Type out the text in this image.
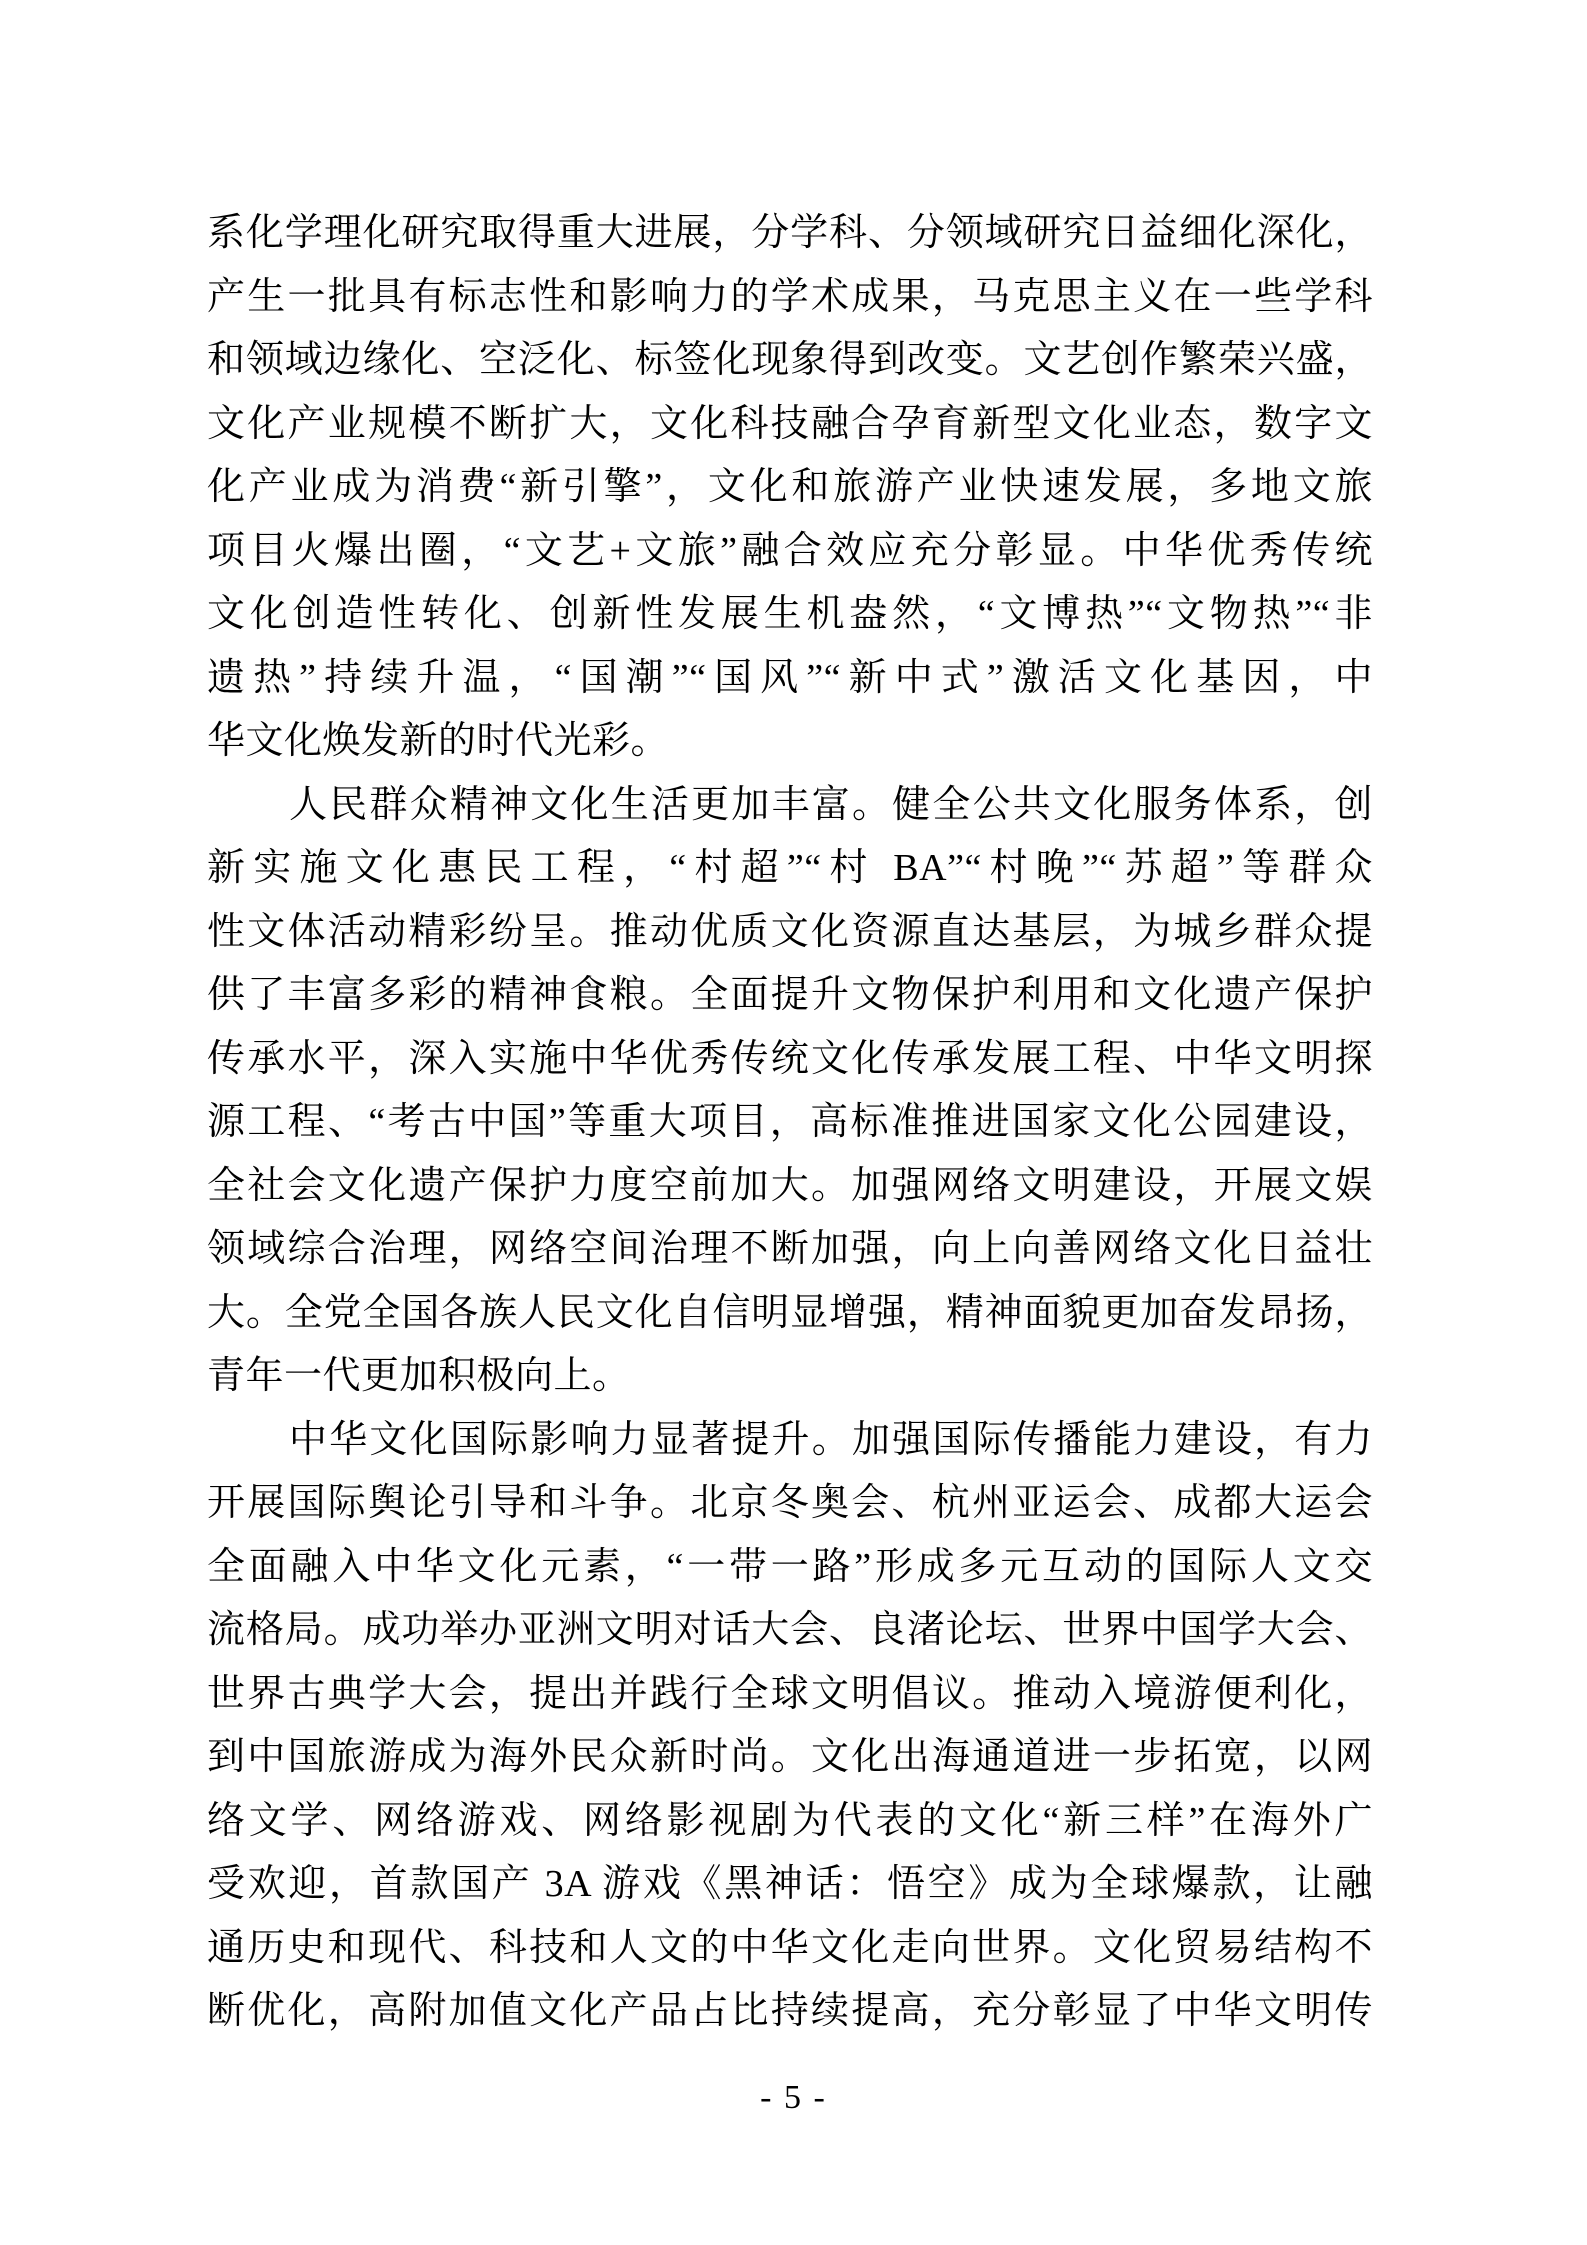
系化学理化研究取得重大进展，分学科、分领域研究日益细化深化，
产生一批具有标志性和影响力的学术成果，马克思主义在一些学科
和领域边缘化、空泛化、标签化现象得到改变。文艺创作繁荣兴盛，
文化产业规模不断扩大，文化科技融合孕育新型文化业态，数字文
化产业成为消费“新引擎”，文化和旅游产业快速发展，多地文旅
项目火爆出圈，“文艺+文旅”融合效应充分彰显。中华优秀传统
文化创造性转化、创新性发展生机盎然，“文博热”“文物热”“非
遗热”持续升温，“国潮”“国风”“新中式”激活文化基因，中
华文化焕发新的时代光彩。
人民群众精神文化生活更加丰富。健全公共文化服务体系，创
新实施文化惠民工程，“村超”“村 BA”“村晚”“苏超”等群众
性文体活动精彩纷呈。推动优质文化资源直达基层，为城乡群众提
供了丰富多彩的精神食粮。全面提升文物保护利用和文化遗产保护
传承水平，深入实施中华优秀传统文化传承发展工程、中华文明探
源工程、“考古中国”等重大项目，高标准推进国家文化公园建设，
全社会文化遗产保护力度空前加大。加强网络文明建设，开展文娱
领域综合治理，网络空间治理不断加强，向上向善网络文化日益壮
大。全党全国各族人民文化自信明显增强，精神面貌更加奋发昂扬，
青年一代更加积极向上。
中华文化国际影响力显著提升。加强国际传播能力建设，有力
开展国际舆论引导和斗争。北京冬奥会、杭州亚运会、成都大运会
全面融入中华文化元素，“一带一路”形成多元互动的国际人文交
流格局。成功举办亚洲文明对话大会、良渚论坛、世界中国学大会、
世界古典学大会，提出并践行全球文明倡议。推动入境游便利化，
到中国旅游成为海外民众新时尚。文化出海通道进一步拓宽，以网
络文学、网络游戏、网络影视剧为代表的文化“新三样”在海外广
受欢迎，首款国产 3A 游戏《黑神话：悟空》成为全球爆款，让融
通历史和现代、科技和人文的中华文化走向世界。文化贸易结构不
断优化，高附加值文化产品占比持续提高，充分彰显了中华文明传
- 5 -
